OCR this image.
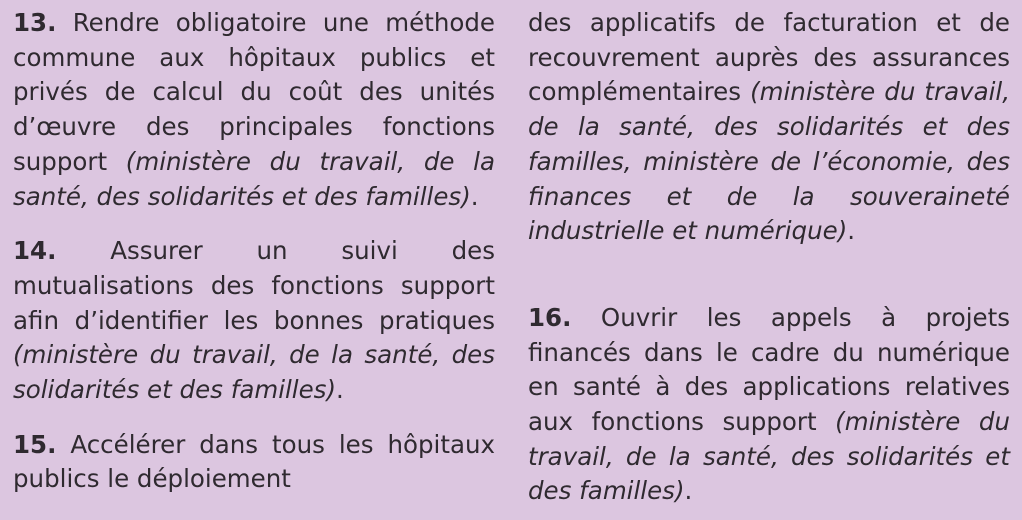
13. Rendre obligatoire une méthode commune aux hôpitaux publics et privés de calcul du coût des unités d’œuvre des principales fonctions support (ministère du travail, de la santé, des solidarités et des familles).

14. Assurer un suivi des mutualisations des fonctions support afin d’identifier les bonnes pratiques (ministère du travail, de la santé, des solidarités et des familles).

15. Accélérer dans tous les hôpitaux publics le déploiement

des applicatifs de facturation et de recouvrement auprès des assurances complémentaires (ministère du travail, de la santé, des solidarités et des familles, ministère de l’économie, des finances et de la souveraineté industrielle et numérique).

16. Ouvrir les appels à projets financés dans le cadre du numérique en santé à des applications relatives aux fonctions support (ministère du travail, de la santé, des solidarités et des familles).
